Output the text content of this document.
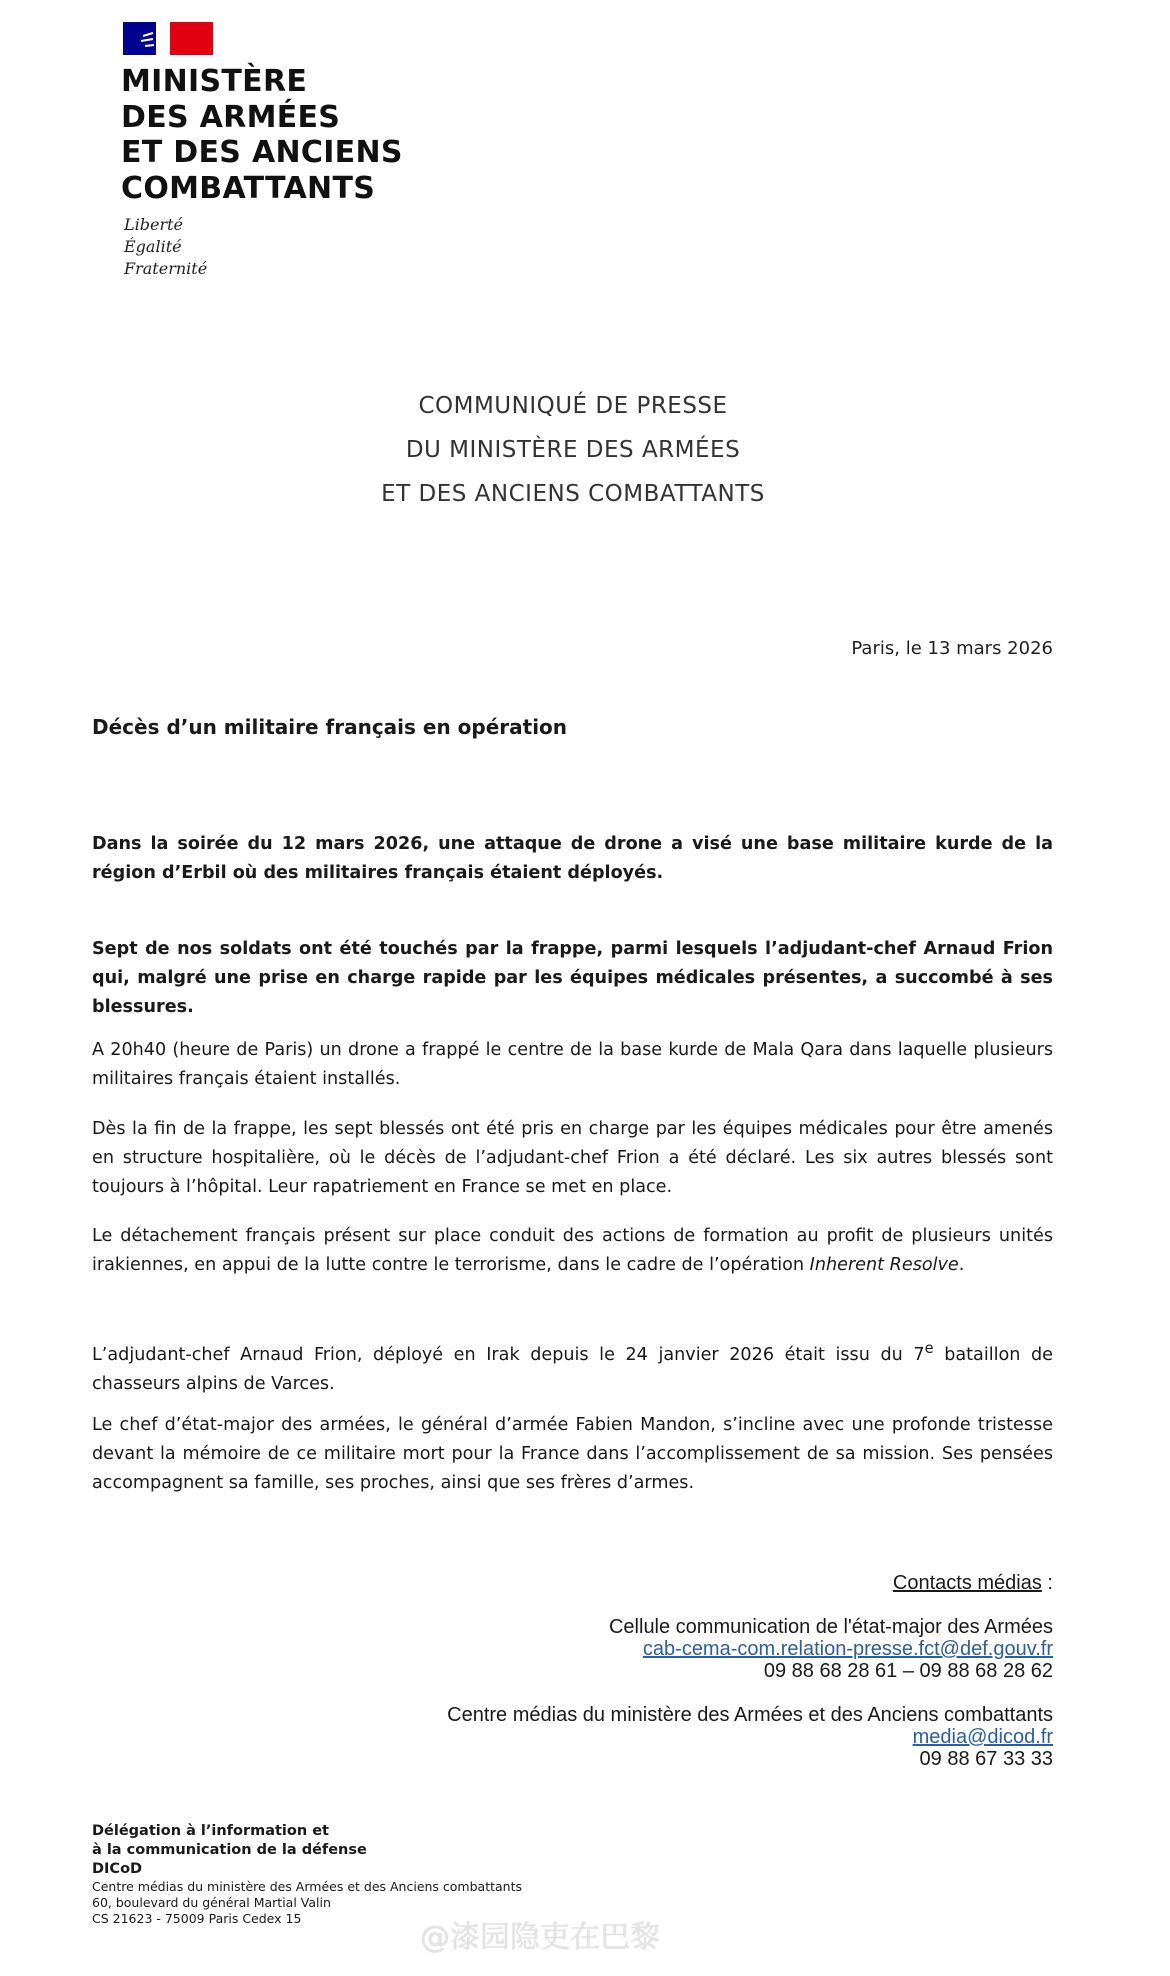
MINISTÈRE
DES ARMÉES
ET DES ANCIENS
COMBATTANTS
Liberté
Égalité
Fraternité
COMMUNIQUÉ DE PRESSE
DU MINISTÈRE DES ARMÉES
ET DES ANCIENS COMBATTANTS
Paris, le 13 mars 2026
Décès d’un militaire français en opération
Dans la soirée du 12 mars 2026, une attaque de drone a visé une base militaire kurde de la région d’Erbil où des militaires français étaient déployés.
Sept de nos soldats ont été touchés par la frappe, parmi lesquels l’adjudant-chef Arnaud Frion qui, malgré une prise en charge rapide par les équipes médicales présentes, a succombé à ses blessures.
A 20h40 (heure de Paris) un drone a frappé le centre de la base kurde de Mala Qara dans laquelle plusieurs militaires français étaient installés.
Dès la fin de la frappe, les sept blessés ont été pris en charge par les équipes médicales pour être amenés en structure hospitalière, où le décès de l’adjudant-chef Frion a été déclaré. Les six autres blessés sont toujours à l’hôpital. Leur rapatriement en France se met en place.
Le détachement français présent sur place conduit des actions de formation au profit de plusieurs unités irakiennes, en appui de la lutte contre le terrorisme, dans le cadre de l’opération Inherent Resolve.
L’adjudant-chef Arnaud Frion, déployé en Irak depuis le 24 janvier 2026 était issu du 7e bataillon de chasseurs alpins de Varces.
Le chef d’état-major des armées, le général d’armée Fabien Mandon, s’incline avec une profonde tristesse devant la mémoire de ce militaire mort pour la France dans l’accomplissement de sa mission. Ses pensées accompagnent sa famille, ses proches, ainsi que ses frères d’armes.
Contacts médias :
Cellule communication de l'état-major des Armées
cab-cema-com.relation-presse.fct@def.gouv.fr
09 88 68 28 61 – 09 88 68 28 62
Centre médias du ministère des Armées et des Anciens combattants
media@dicod.fr
09 88 67 33 33
Délégation à l’information et
à la communication de la défense
DICoD
Centre médias du ministère des Armées et des Anciens combattants
60, boulevard du général Martial Valin
CS 21623 - 75009 Paris Cedex 15
@漆园隐吏在巴黎
